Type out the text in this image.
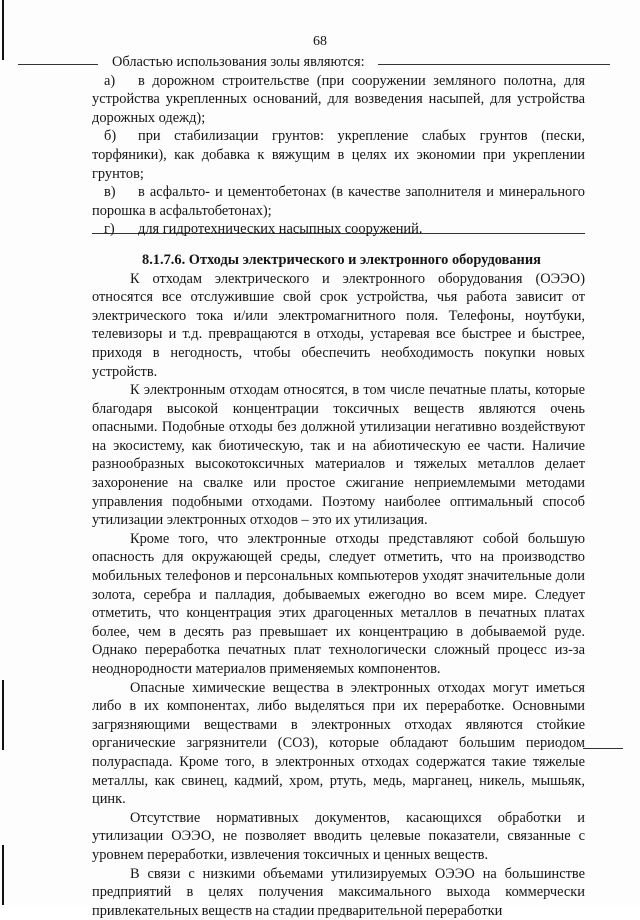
68

Областью использования золы являются:

а) в дорожном строительстве (при сооружении земляного полотна, для устройства укрепленных оснований, для возведения насыпей, для устройства дорожных одежд);
б) при стабилизации грунтов: укрепление слабых грунтов (пески, торфяники), как добавка к вяжущим в целях их экономии при укреплении грунтов;
в) в асфальто- и цементобетонах (в качестве заполнителя и минерального порошка в асфальтобетонах);
г) для гидротехнических насыпных сооружений.
8.1.7.6. Отходы электрического и электронного оборудования

К отходам электрического и электронного оборудования (ОЭЭО) относятся все отслужившие свой срок устройства, чья работа зависит от электрического тока и/или электромагнитного поля. Телефоны, ноутбуки, телевизоры и т.д. превращаются в отходы, устаревая все быстрее и быстрее, приходя в негодность, чтобы обеспечить необходимость покупки новых устройств.

К электронным отходам относятся, в том числе печатные платы, которые благодаря высокой концентрации токсичных веществ являются очень опасными. Подобные отходы без должной утилизации негативно воздействуют на экосистему, как биотическую, так и на абиотическую ее части. Наличие разнообразных высокотоксичных материалов и тяжелых металлов делает захоронение на свалке или простое сжигание неприемлемыми методами управления подобными отходами. Поэтому наиболее оптимальный способ утилизации электронных отходов – это их утилизация.

Кроме того, что электронные отходы представляют собой большую опасность для окружающей среды, следует отметить, что на производство мобильных телефонов и персональных компьютеров уходят значительные доли золота, серебра и палладия, добываемых ежегодно во всем мире. Следует отметить, что концентрация этих драгоценных металлов в печатных платах более, чем в десять раз превышает их концентрацию в добываемой руде. Однако переработка печатных плат технологически сложный процесс из-за неоднородности материалов применяемых компонентов.

Опасные химические вещества в электронных отходах могут иметься либо в их компонентах, либо выделяться при их переработке. Основными загрязняющими веществами в электронных отходах являются стойкие органические загрязнители (СОЗ), которые обладают большим периодом полураспада. Кроме того, в электронных отходах содержатся такие тяжелые металлы, как свинец, кадмий, хром, ртуть, медь, марганец, никель, мышьяк, цинк.

Отсутствие нормативных документов, касающихся обработки и утилизации ОЭЭО, не позволяет вводить целевые показатели, связанные с уровнем переработки, извлечения токсичных и ценных веществ.

В связи с низкими объемами утилизируемых ОЭЭО на большинстве предприятий в целях получения максимального выхода коммерчески привлекательных веществ на стадии предварительной переработки
